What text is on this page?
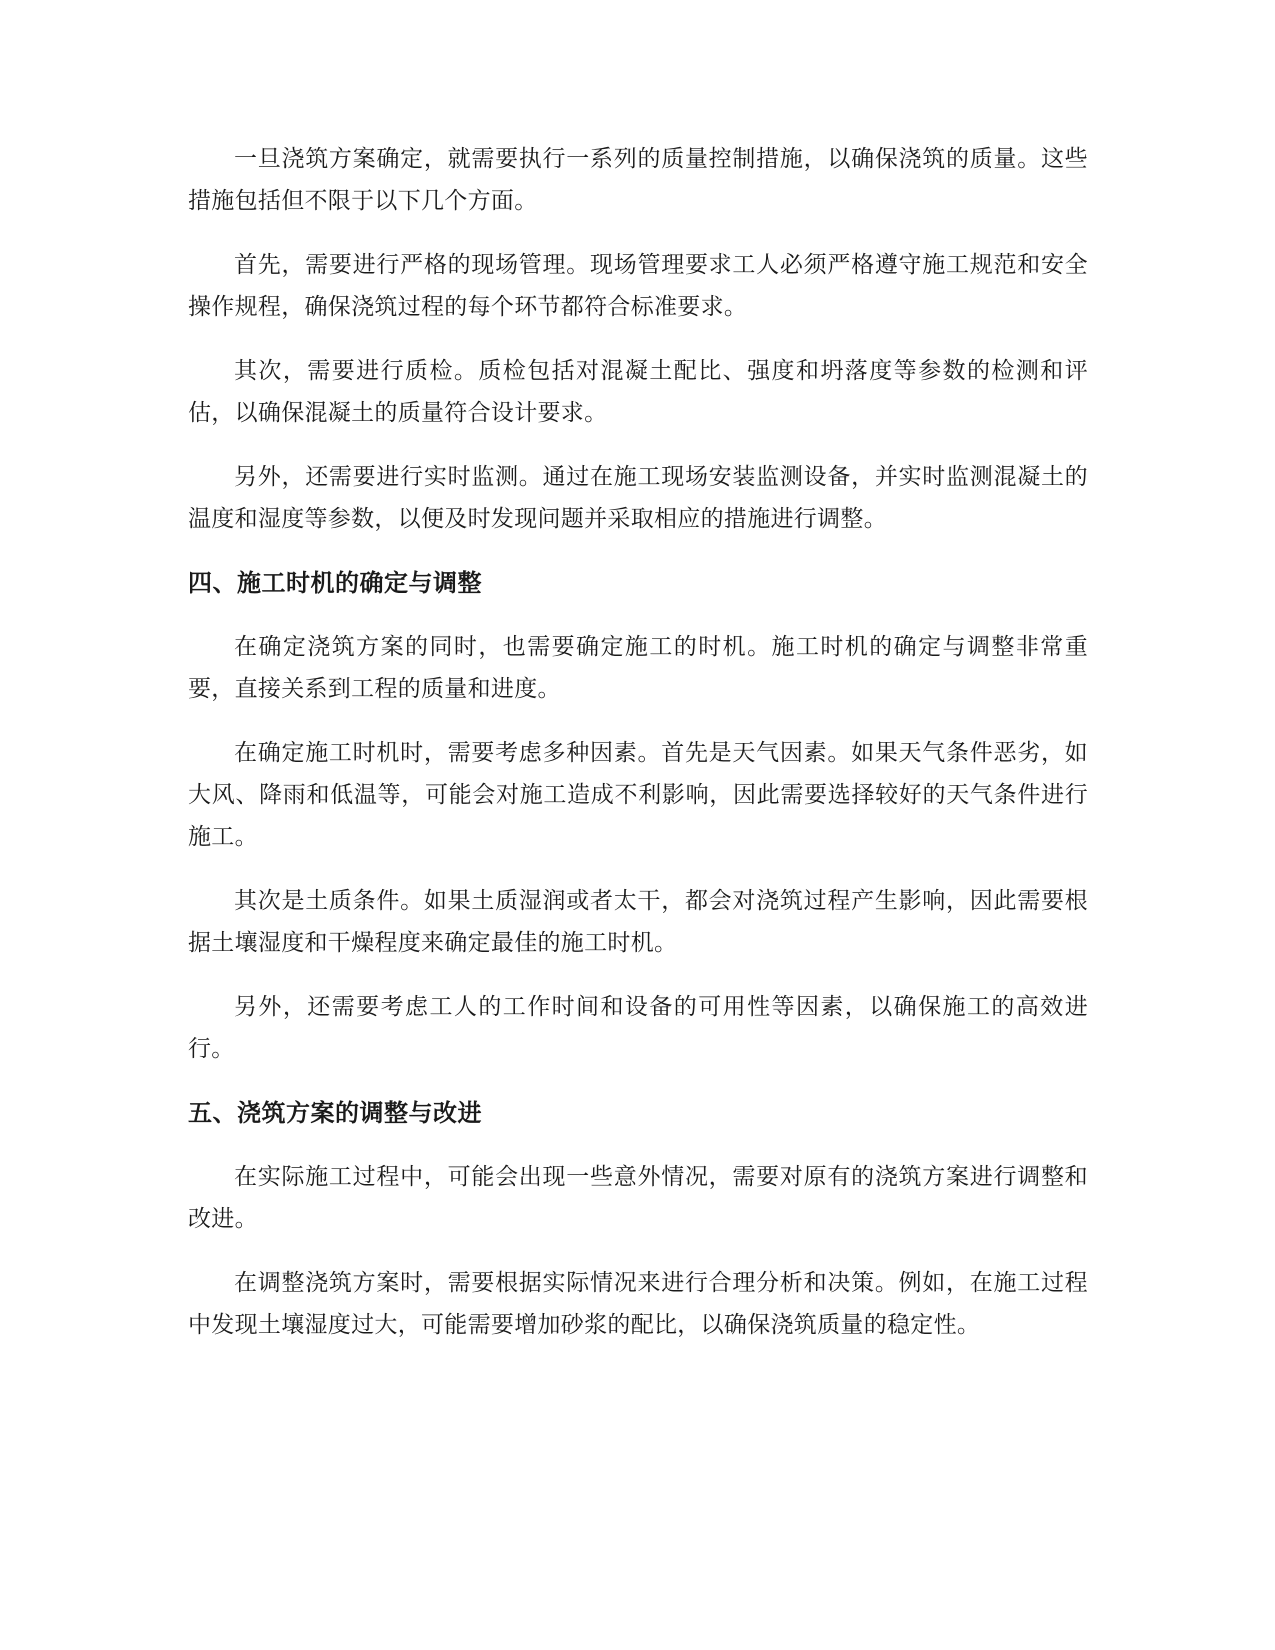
一旦浇筑方案确定，就需要执行一系列的质量控制措施，以确保浇筑的质量。这些措施包括但不限于以下几个方面。

首先，需要进行严格的现场管理。现场管理要求工人必须严格遵守施工规范和安全操作规程，确保浇筑过程的每个环节都符合标准要求。

其次，需要进行质检。质检包括对混凝土配比、强度和坍落度等参数的检测和评估，以确保混凝土的质量符合设计要求。

另外，还需要进行实时监测。通过在施工现场安装监测设备，并实时监测混凝土的温度和湿度等参数，以便及时发现问题并采取相应的措施进行调整。

四、施工时机的确定与调整

在确定浇筑方案的同时，也需要确定施工的时机。施工时机的确定与调整非常重要，直接关系到工程的质量和进度。

在确定施工时机时，需要考虑多种因素。首先是天气因素。如果天气条件恶劣，如大风、降雨和低温等，可能会对施工造成不利影响，因此需要选择较好的天气条件进行施工。

其次是土质条件。如果土质湿润或者太干，都会对浇筑过程产生影响，因此需要根据土壤湿度和干燥程度来确定最佳的施工时机。

另外，还需要考虑工人的工作时间和设备的可用性等因素，以确保施工的高效进行。

五、浇筑方案的调整与改进

在实际施工过程中，可能会出现一些意外情况，需要对原有的浇筑方案进行调整和改进。

在调整浇筑方案时，需要根据实际情况来进行合理分析和决策。例如，在施工过程中发现土壤湿度过大，可能需要增加砂浆的配比，以确保浇筑质量的稳定性。
